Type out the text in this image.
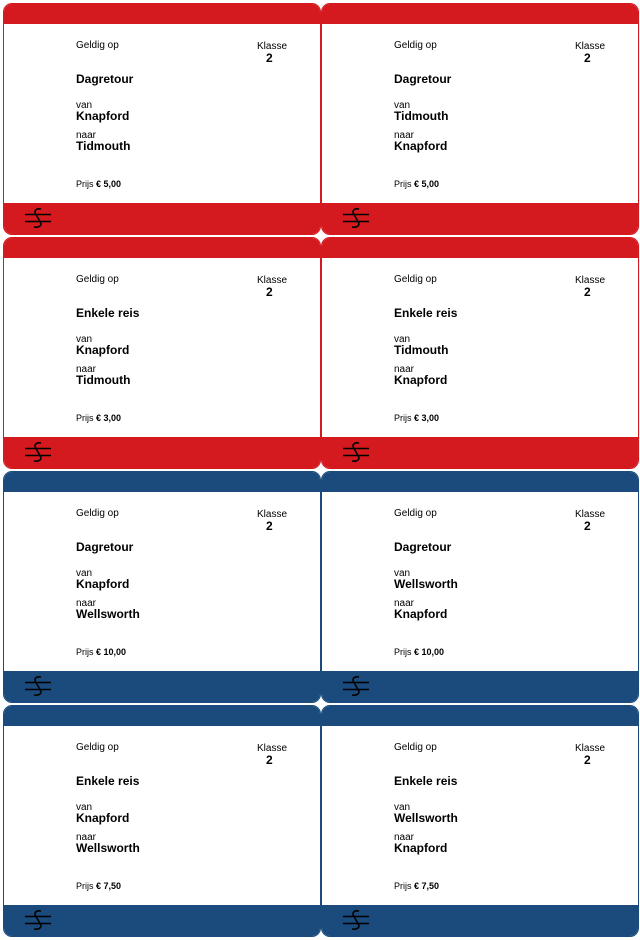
Geldig op	Klasse
2
Dagretour
van
Knapford
naar
Tidmouth
Prijs € 5,00
Geldig op	Klasse
2
Dagretour
van
Tidmouth
naar
Knapford
Prijs € 5,00
Geldig op	Klasse
2
Enkele reis
van
Knapford
naar
Tidmouth
Prijs € 3,00
Geldig op	Klasse
2
Enkele reis
van
Tidmouth
naar
Knapford
Prijs € 3,00
Geldig op	Klasse
2
Dagretour
van
Knapford
naar
Wellsworth
Prijs € 10,00
Geldig op	Klasse
2
Dagretour
van
Wellsworth
naar
Knapford
Prijs € 10,00
Geldig op	Klasse
2
Enkele reis
van
Knapford
naar
Wellsworth
Prijs € 7,50
Geldig op	Klasse
2
Enkele reis
van
Wellsworth
naar
Knapford
Prijs € 7,50
